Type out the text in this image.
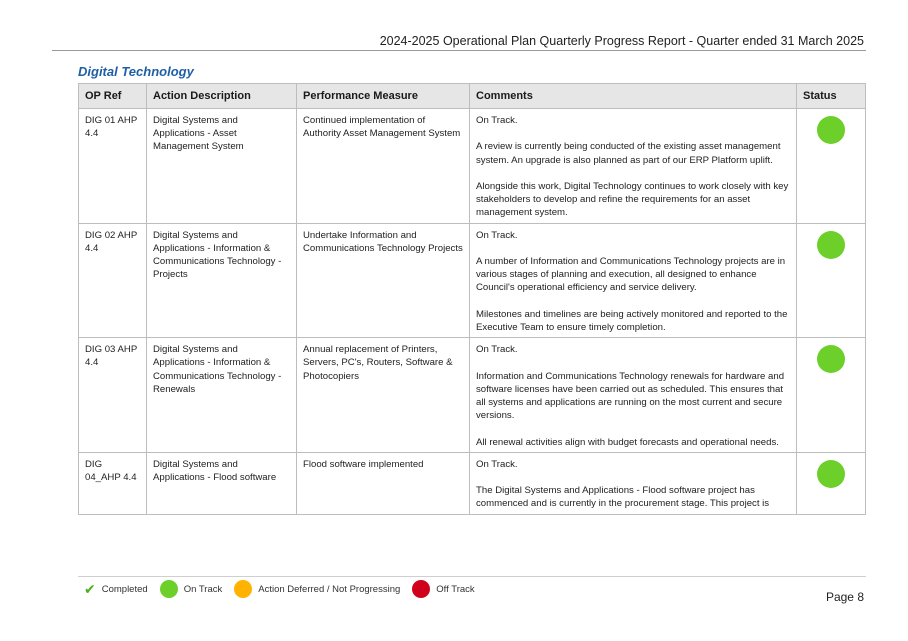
2024-2025 Operational Plan Quarterly Progress Report - Quarter ended 31 March 2025
Digital Technology
OP Ref	Action Description	Performance Measure	Comments	Status
DIG 01 AHP 4.4	Digital Systems and Applications - Asset Management System	Continued implementation of Authority Asset Management System	On Track.

A review is currently being conducted of the existing asset management system. An upgrade is also planned as part of our ERP Platform uplift.

Alongside this work, Digital Technology continues to work closely with key stakeholders to develop and refine the requirements for an asset management system.	

DIG 02 AHP 4.4	Digital Systems and Applications - Information & Communications Technology - Projects	Undertake Information and Communications Technology Projects	On Track.

A number of Information and Communications Technology projects are in various stages of planning and execution, all designed to enhance Council's operational efficiency and service delivery.

Milestones and timelines are being actively monitored and reported to the Executive Team to ensure timely completion.	

DIG 03 AHP 4.4	Digital Systems and Applications - Information & Communications Technology - Renewals	Annual replacement of Printers, Servers, PC's, Routers, Software & Photocopiers	On Track.

Information and Communications Technology renewals for hardware and software licenses have been carried out as scheduled. This ensures that all systems and applications are running on the most current and secure versions.

All renewal activities align with budget forecasts and operational needs.	

DIG 04_AHP 4.4	Digital Systems and Applications - Flood software	Flood software implemented	On Track.

The Digital Systems and Applications - Flood software project has commenced and is currently in the procurement stage. This project is	

✔ Completed	On Track	Action Deferred / Not Progressing	Off Track
Page 8
